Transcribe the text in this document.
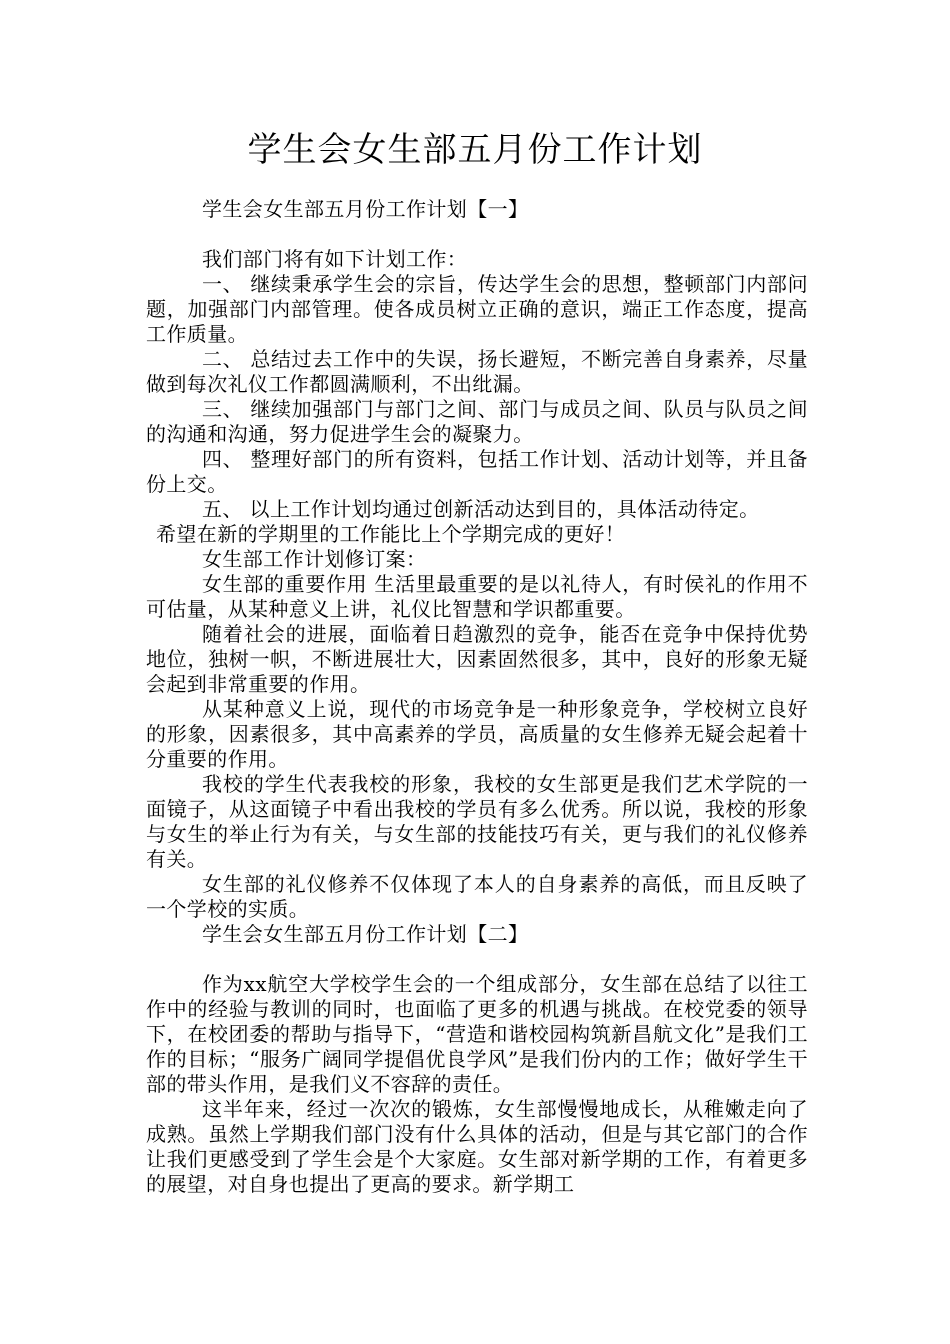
学生会女生部五月份工作计划

学生会女生部五月份工作计划【一】

我们部门将有如下计划工作：

一、 继续秉承学生会的宗旨，传达学生会的思想，整顿部门内部问题，加强部门内部管理。使各成员树立正确的意识，端正工作态度，提高工作质量。

二、 总结过去工作中的失误，扬长避短，不断完善自身素养，尽量做到每次礼仪工作都圆满顺利，不出纰漏。

三、 继续加强部门与部门之间、部门与成员之间、队员与队员之间的沟通和沟通，努力促进学生会的凝聚力。

四、 整理好部门的所有资料，包括工作计划、活动计划等，并且备份上交。

五、 以上工作计划均通过创新活动达到目的，具体活动待定。

希望在新的学期里的工作能比上个学期完成的更好！

女生部工作计划修订案：

女生部的重要作用 生活里最重要的是以礼待人，有时侯礼的作用不可估量，从某种意义上讲，礼仪比智慧和学识都重要。

随着社会的进展，面临着日趋激烈的竞争，能否在竞争中保持优势地位，独树一帜，不断进展壮大，因素固然很多，其中，良好的形象无疑会起到非常重要的作用。

从某种意义上说，现代的市场竞争是一种形象竞争，学校树立良好的形象，因素很多，其中高素养的学员，高质量的女生修养无疑会起着十分重要的作用。

我校的学生代表我校的形象，我校的女生部更是我们艺术学院的一面镜子，从这面镜子中看出我校的学员有多么优秀。所以说，我校的形象与女生的举止行为有关，与女生部的技能技巧有关，更与我们的礼仪修养有关。

女生部的礼仪修养不仅体现了本人的自身素养的高低，而且反映了一个学校的实质。

学生会女生部五月份工作计划【二】

作为xx航空大学校学生会的一个组成部分，女生部在总结了以往工作中的经验与教训的同时，也面临了更多的机遇与挑战。在校党委的领导下，在校团委的帮助与指导下，“营造和谐校园构筑新昌航文化”是我们工作的目标；“服务广阔同学提倡优良学风”是我们份内的工作；做好学生干部的带头作用，是我们义不容辞的责任。

这半年来，经过一次次的锻炼，女生部慢慢地成长，从稚嫩走向了成熟。虽然上学期我们部门没有什么具体的活动，但是与其它部门的合作让我们更感受到了学生会是个大家庭。女生部对新学期的工作，有着更多的展望，对自身也提出了更高的要求。新学期工
